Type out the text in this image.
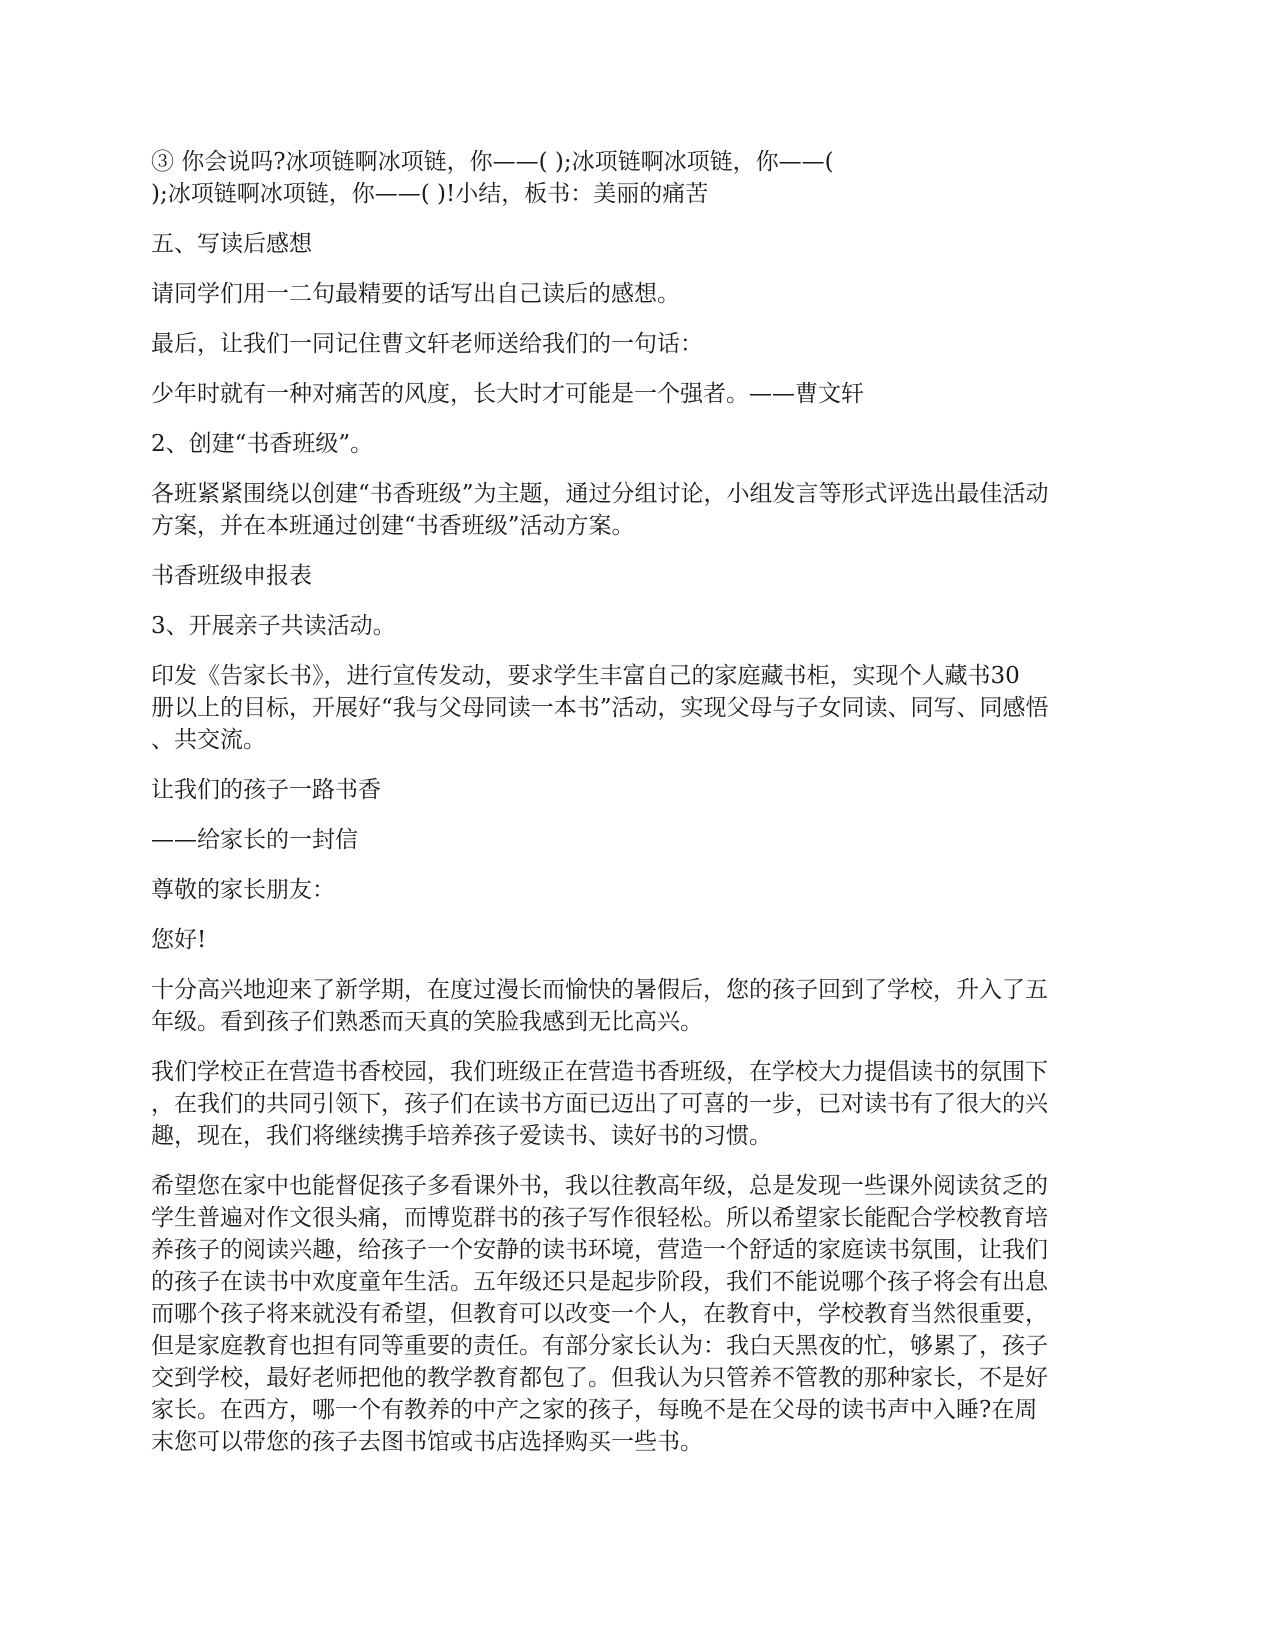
③ 你会说吗?冰项链啊冰项链，你——( );冰项链啊冰项链，你——(
);冰项链啊冰项链，你——( )!小结，板书：美丽的痛苦

五、写读后感想

请同学们用一二句最精要的话写出自己读后的感想。

最后，让我们一同记住曹文轩老师送给我们的一句话：

少年时就有一种对痛苦的风度，长大时才可能是一个强者。——曹文轩

2、创建“书香班级”。

各班紧紧围绕以创建“书香班级”为主题，通过分组讨论，小组发言等形式评选出最佳活动
方案，并在本班通过创建“书香班级”活动方案。

书香班级申报表

3、开展亲子共读活动。

印发《告家长书》，进行宣传发动，要求学生丰富自己的家庭藏书柜，实现个人藏书30
册以上的目标，开展好“我与父母同读一本书”活动，实现父母与子女同读、同写、同感悟
、共交流。

让我们的孩子一路书香

——给家长的一封信

尊敬的家长朋友：

您好!

十分高兴地迎来了新学期，在度过漫长而愉快的暑假后，您的孩子回到了学校，升入了五
年级。看到孩子们熟悉而天真的笑脸我感到无比高兴。

我们学校正在营造书香校园，我们班级正在营造书香班级，在学校大力提倡读书的氛围下
，在我们的共同引领下，孩子们在读书方面已迈出了可喜的一步，已对读书有了很大的兴
趣，现在，我们将继续携手培养孩子爱读书、读好书的习惯。

希望您在家中也能督促孩子多看课外书，我以往教高年级，总是发现一些课外阅读贫乏的
学生普遍对作文很头痛，而博览群书的孩子写作很轻松。所以希望家长能配合学校教育培
养孩子的阅读兴趣，给孩子一个安静的读书环境，营造一个舒适的家庭读书氛围，让我们
的孩子在读书中欢度童年生活。五年级还只是起步阶段，我们不能说哪个孩子将会有出息
而哪个孩子将来就没有希望，但教育可以改变一个人，在教育中，学校教育当然很重要，
但是家庭教育也担有同等重要的责任。有部分家长认为：我白天黑夜的忙，够累了，孩子
交到学校，最好老师把他的教学教育都包了。但我认为只管养不管教的那种家长，不是好
家长。在西方，哪一个有教养的中产之家的孩子，每晚不是在父母的读书声中入睡?在周
末您可以带您的孩子去图书馆或书店选择购买一些书。
